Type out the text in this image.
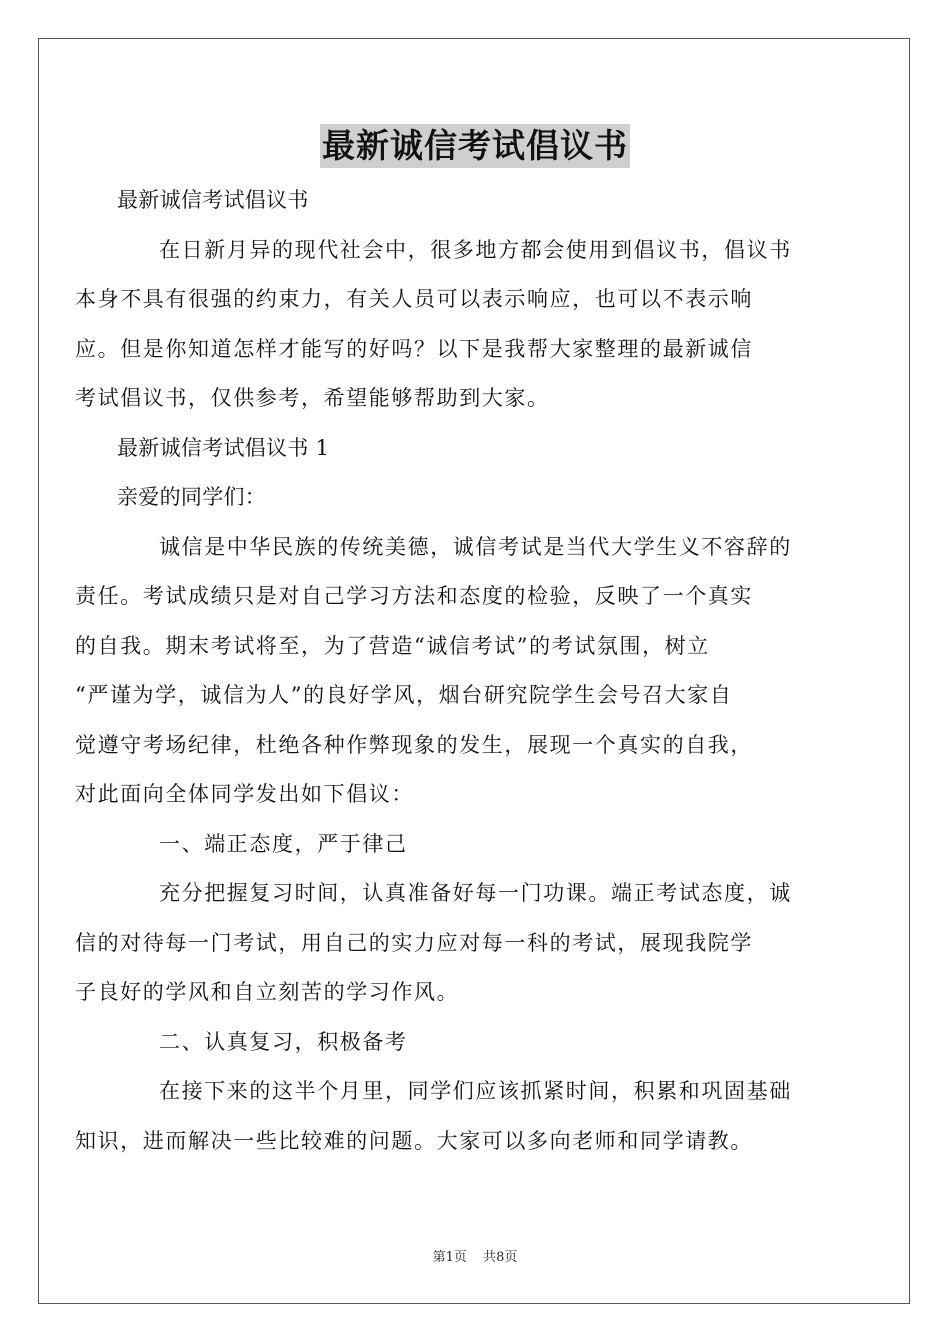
最新诚信考试倡议书
最新诚信考试倡议书
在日新月异的现代社会中，很多地方都会使用到倡议书，倡议书
本身不具有很强的约束力，有关人员可以表示响应，也可以不表示响
应。但是你知道怎样才能写的好吗？以下是我帮大家整理的最新诚信
考试倡议书，仅供参考，希望能够帮助到大家。
最新诚信考试倡议书 1
亲爱的同学们：
诚信是中华民族的传统美德，诚信考试是当代大学生义不容辞的
责任。考试成绩只是对自己学习方法和态度的检验，反映了一个真实
的自我。期末考试将至，为了营造“诚信考试”的考试氛围，树立
“严谨为学，诚信为人”的良好学风，烟台研究院学生会号召大家自
觉遵守考场纪律，杜绝各种作弊现象的发生，展现一个真实的自我，
对此面向全体同学发出如下倡议：
一、端正态度，严于律己
充分把握复习时间，认真准备好每一门功课。端正考试态度，诚
信的对待每一门考试，用自己的实力应对每一科的考试，展现我院学
子良好的学风和自立刻苦的学习作风。
二、认真复习，积极备考
在接下来的这半个月里，同学们应该抓紧时间，积累和巩固基础
知识，进而解决一些比较难的问题。大家可以多向老师和同学请教。
第1页 共8页
